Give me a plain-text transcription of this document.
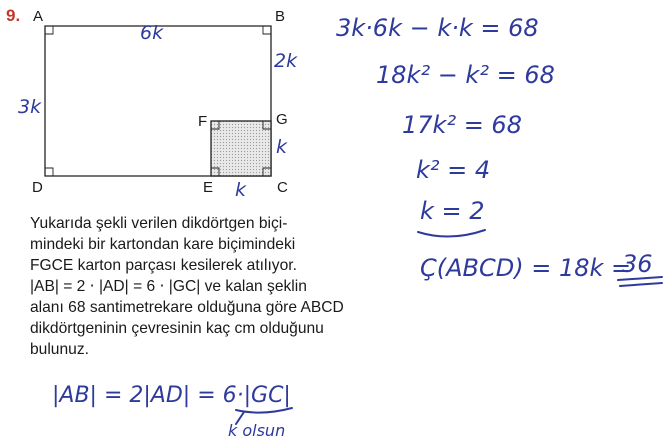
9. A	B
C
D	E
F	G
6k
2k
3k
k
k
3k·6k − k·k = 68
18k² − k² = 68
17k² = 68
k² = 4
k = 2
Ç(ABCD) = 18k =
36
|AB| = 2|AD| = 6·|GC|
k olsun

Yukarıda şekli verilen dikdörtgen biçi-
mindeki bir kartondan kare biçimindeki
FGCE karton parçası kesilerek atılıyor.
|AB| = 2 ⋅ |AD| = 6 ⋅ |GC| ve kalan şeklin
alanı 68 santimetrekare olduğuna göre ABCD
dikdörtgeninin çevresinin kaç cm olduğunu
bulunuz.
